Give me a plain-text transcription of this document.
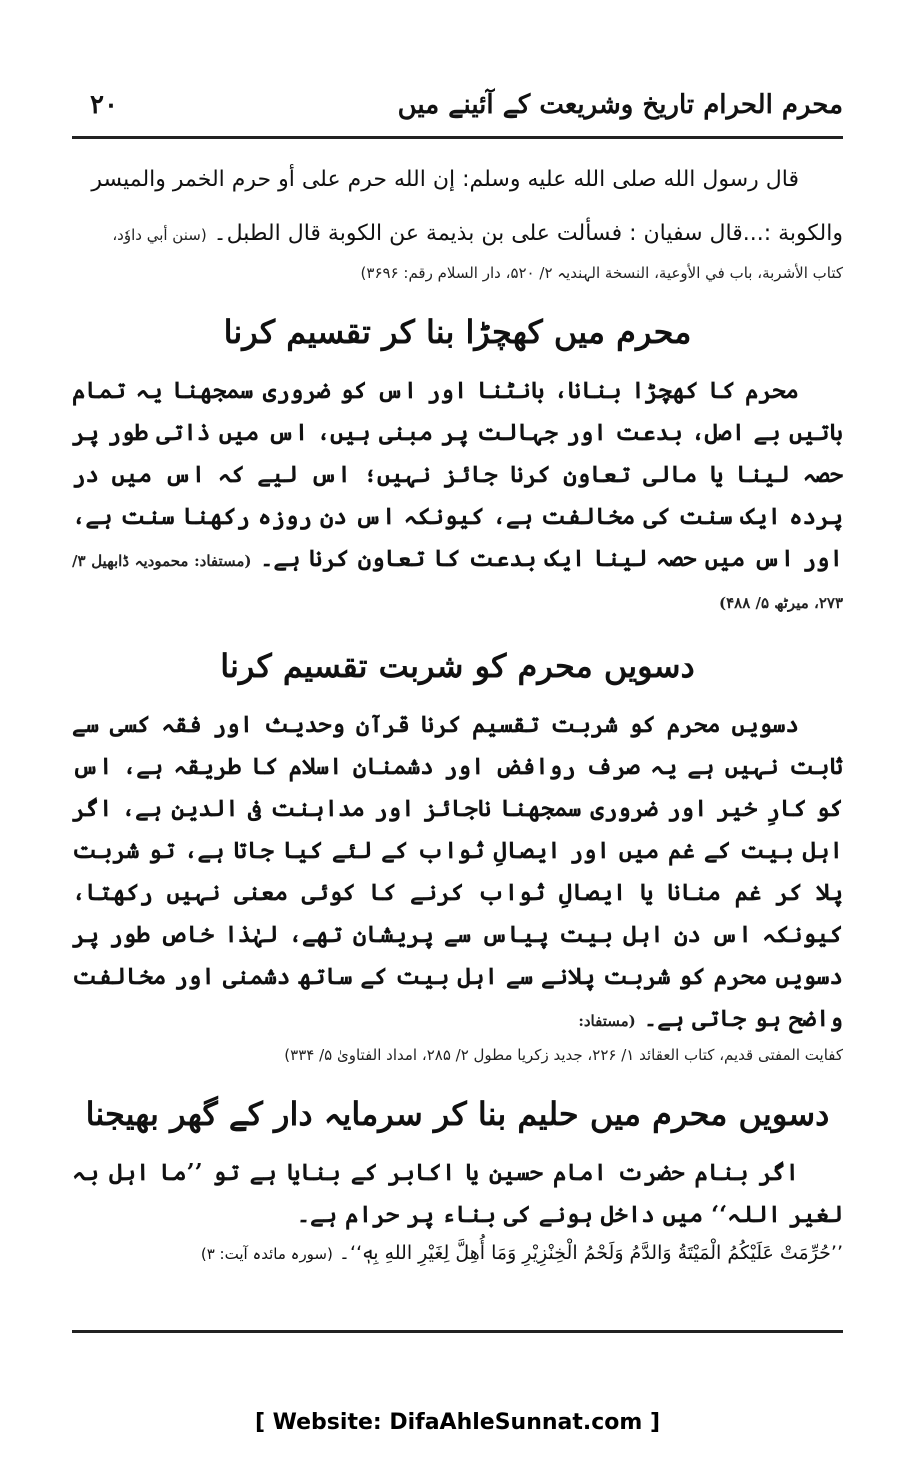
محرم الحرام تاریخ وشریعت کے آئینے میں
۲۰

قال رسول الله صلى الله عليه وسلم: إن الله حرم على أو حرم الخمر والميسر

والكوبة :...قال سفيان : فسألت على بن بذيمة عن الكوبة قال الطبل۔ (سنن أبي داوٗد،

کتاب الأشربة، باب في الأوعية، النسخة الہندیہ ۲/ ۵۲۰، دار السلام رقم: ۳۶۹۶)

محرم میں کھچڑا بنا کر تقسیم کرنا

محرم کا کھچڑا بنانا، بانٹنا اور اس کو ضروری سمجھنا یہ تمام باتیں بے اصل، بدعت اور جہالت پر مبنی ہیں، اس میں ذاتی طور پر حصہ لینا یا مالی تعاون کرنا جائز نہیں؛ اس لیے کہ اس میں در پردہ ایک سنت کی مخالفت ہے، کیونکہ اس دن روزہ رکھنا سنت ہے، اور اس میں حصہ لینا ایک بدعت کا تعاون کرنا ہے۔ (مستفاد: محمودیہ ڈابھیل ۳/ ۲۷۳، میرٹھ ۵/ ۴۸۸)

دسویں محرم کو شربت تقسیم کرنا

دسویں محرم کو شربت تقسیم کرنا قرآن وحدیث اور فقہ کسی سے ثابت نہیں ہے یہ صرف روافض اور دشمنانِ اسلام کا طریقہ ہے، اس کو کارِ خیر اور ضروری سمجھنا ناجائز اور مداہنت فی الدین ہے، اگر اہل بیت کے غم میں اور ایصالِ ثواب کے لئے کیا جاتا ہے، تو شربت پلا کر غم منانا یا ایصالِ ثواب کرنے کا کوئی معنی نہیں رکھتا، کیونکہ اس دن اہل بیت پیاس سے پریشان تھے، لہٰذا خاص طور پر دسویں محرم کو شربت پلانے سے اہل بیت کے ساتھ دشمنی اور مخالفت واضح ہو جاتی ہے۔ (مستفاد:

کفایت المفتی قدیم، کتاب العقائد ۱/ ۲۲۶، جدید زکریا مطول ۲/ ۲۸۵، امداد الفتاویٰ ۵/ ۳۳۴)

دسویں محرم میں حلیم بنا کر سرمایہ دار کے گھر بھیجنا

اگر بنام حضرت امام حسین یا اکابر کے بنایا ہے تو ’’ما اہل بہ لغیر اللہ‘‘ میں داخل ہونے کی بناء پر حرام ہے۔

’’حُرِّمَتْ عَلَيْكُمُ الْمَيْتَةُ وَالدَّمُ وَلَحْمُ الْخِنْزِيْرِ وَمَا أُهِلَّ لِغَيْرِ اللهِ بِهٖ‘‘۔ (سورہ مائدہ آیت: ۳)

[ Website: DifaAhleSunnat.com ]
